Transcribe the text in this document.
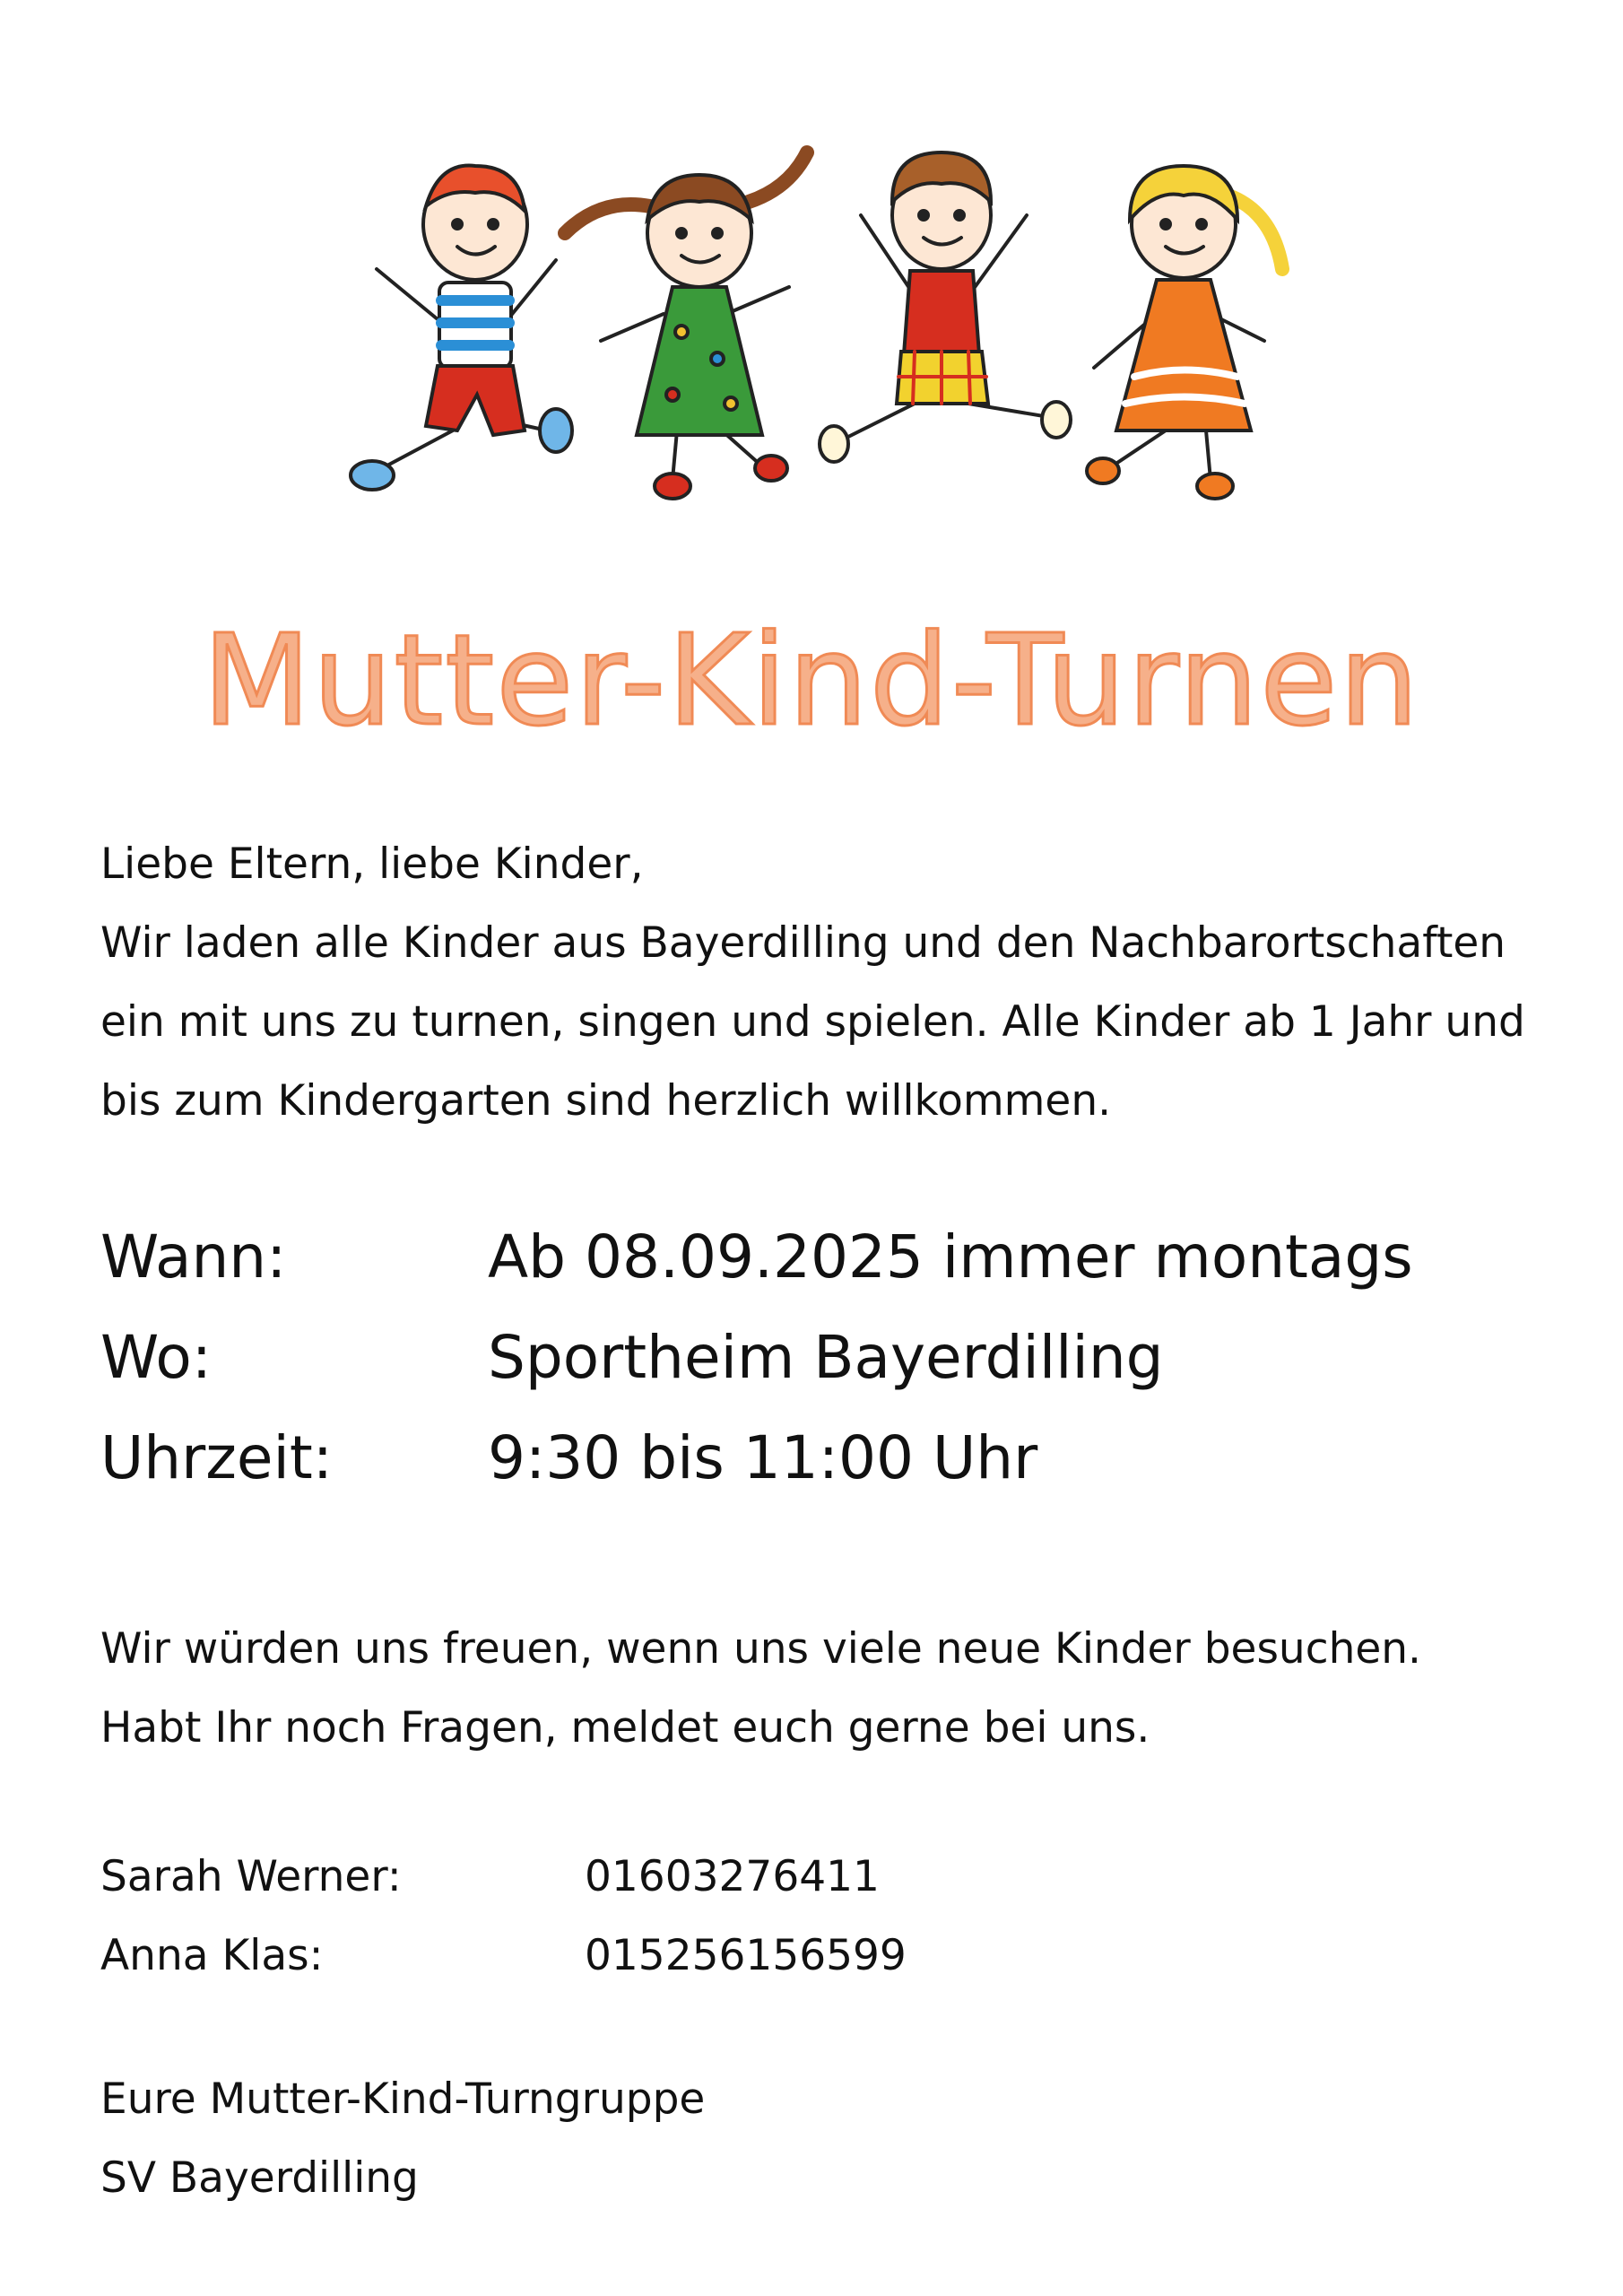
Mutter-Kind-Turnen
Liebe Eltern, liebe Kinder,
Wir laden alle Kinder aus Bayerdilling und den Nachbarortschaften
ein mit uns zu turnen, singen und spielen. Alle Kinder ab 1 Jahr und
bis zum Kindergarten sind herzlich willkommen.
Wann:	Ab 08.09.2025 immer montags
Wo:	Sportheim Bayerdilling
Uhrzeit:	9:30 bis 11:00 Uhr
Wir würden uns freuen, wenn uns viele neue Kinder besuchen.
Habt Ihr noch Fragen, meldet euch gerne bei uns.
Sarah Werner:	01603276411
Anna Klas:	015256156599
Eure Mutter-Kind-Turngruppe
SV Bayerdilling
